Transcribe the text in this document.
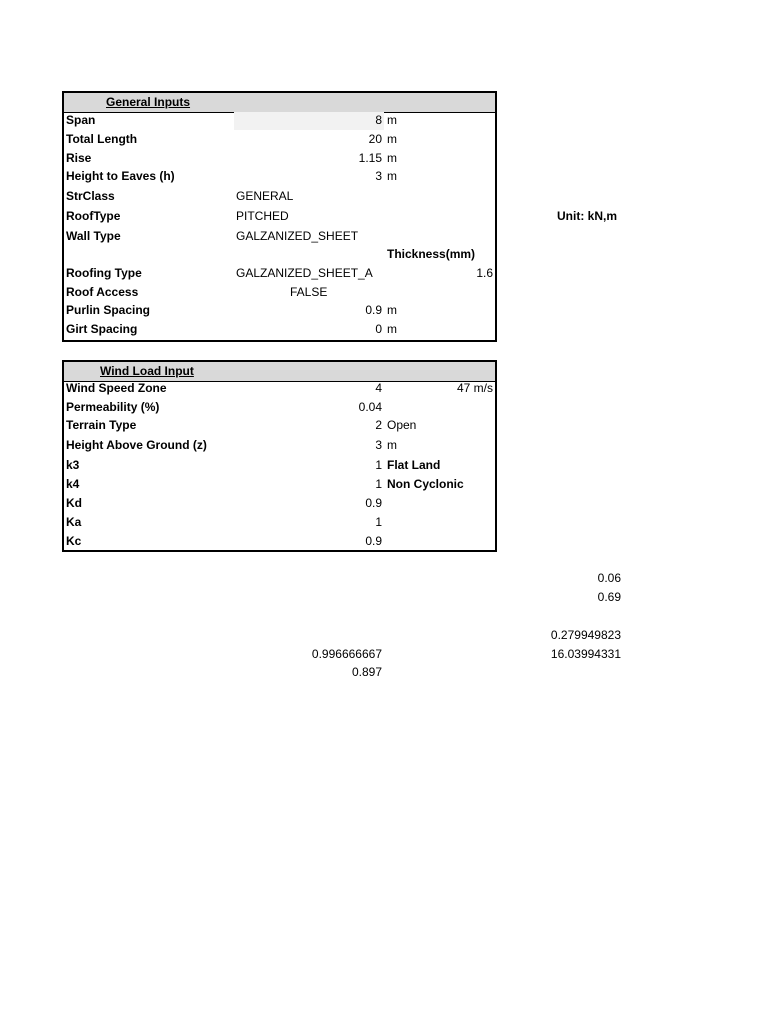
General Inputs
Span
Total Length
Rise
Height to Eaves (h)
StrClass
RoofType
Wall Type
Roofing Type
Roof Access
Purlin Spacing
Girt Spacing
8 m
20 m
1.15 m
3 m
GENERAL
PITCHED
GALZANIZED_SHEET
Thickness(mm)
GALZANIZED_SHEET_A	1.6
FALSE
0.9 m
0 m
Unit: kN,m
Wind Load Input
Wind Speed Zone
Permeability (%)
Terrain Type
Height Above Ground (z)
k3
k4
Kd
Ka
Kc
4	47 m/s
0.04
2 Open
3 m
1 Flat Land
1 Non Cyclonic
0.9
1
0.9
0.06
0.69
0.279949823
16.03994331
0.996666667
0.897
